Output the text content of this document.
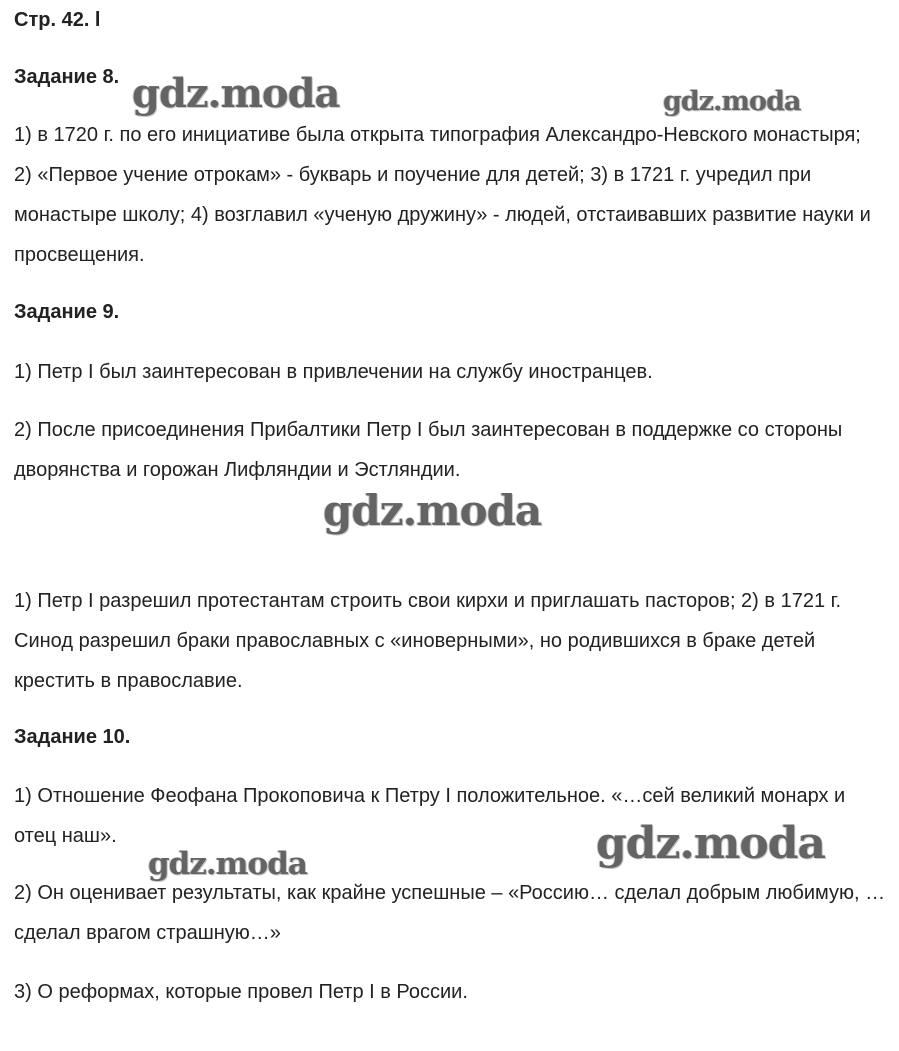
Стр. 42. l
Задание 8.
1) в 1720 г. по его инициативе была открыта типография Александро-Невского монастыря; 2) «Первое учение отрокам» - букварь и поучение для детей; 3) в 1721 г. учредил при монастыре школу; 4) возглавил «ученую дружину» - людей, отстаивавших развитие науки и просвещения.
Задание 9.
1) Петр I был заинтересован в привлечении на службу иностранцев.
2) После присоединения Прибалтики Петр I был заинтересован в поддержке со стороны дворянства и горожан Лифляндии и Эстляндии.
1) Петр I разрешил протестантам строить свои кирхи и приглашать пасторов; 2) в 1721 г. Синод разрешил браки православных с «иноверными», но родившихся в браке детей крестить в православие.
Задание 10.
1) Отношение Феофана Прокоповича к Петру I положительное. «…сей великий монарх и отец наш».
2) Он оценивает результаты, как крайне успешные – «Россию… сделал добрым любимую, … сделал врагом страшную…»
3) О реформах, которые провел Петр I в России.
gdz.moda	gdz.moda
gdz.moda
gdz.moda
gdz.moda
